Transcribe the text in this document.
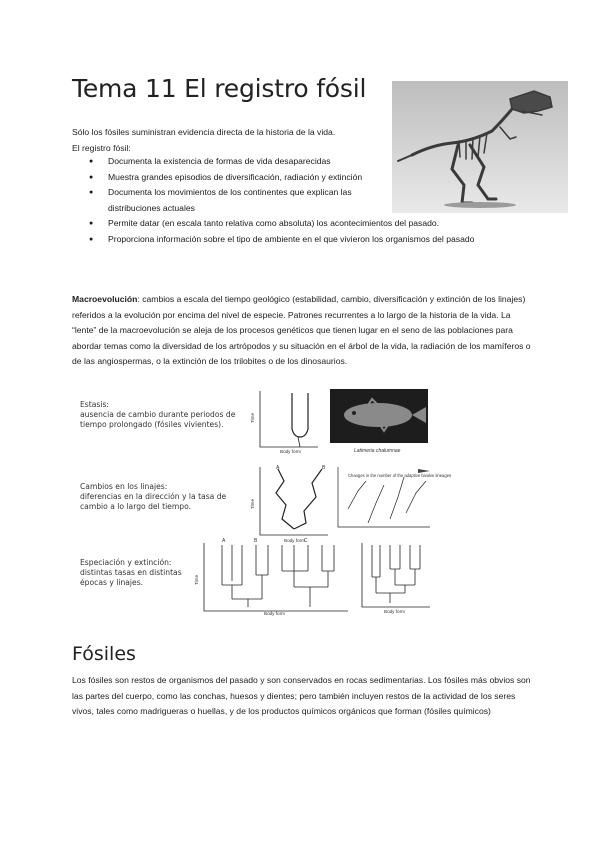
Tema 11 El registro fósil

Sólo los fósiles suministran evidencia directa de la historia de la vida.
El registro fósil:

● Documenta la existencia de formas de vida desaparecidas
● Muestra grandes episodios de diversificación, radiación y extinción
● Documenta los movimientos de los continentes que explican las distribuciones actuales
● Permite datar (en escala tanto relativa como absoluta) los acontecimientos del pasado.
● Proporciona información sobre el tipo de ambiente en el que vivieron los organismos del pasado

Macroevolución: cambios a escala del tiempo geológico (estabilidad, cambio, diversificación y extinción de los linajes) referidos a la evolución por encima del nivel de especie. Patrones recurrentes a lo largo de la historia de la vida. La “lente” de la macroevolución se aleja de los procesos genéticos que tienen lugar en el seno de las poblaciones para abordar temas como la diversidad de los artrópodos y su situación en el árbol de la vida, la radiación de los mamíferos o de las angiospermas, o la extinción de los trilobites o de los dinosaurios.

Estasis:
ausencia de cambio durante periodos de
tiempo prolongado (fósiles vivientes).
Cambios en los linajes:
diferencias en la dirección y la tasa de
cambio a lo largo del tiempo.
Especiación y extinción:
distintas tasas en distintas
épocas y linajes.
Time
Body form	Latimeria chalumnae
A	B
Time
Body form
Changes in the number of the adaptive bivalve lineages
A	B	C
Time
Body form	Body form
Fósiles

Los fósiles son restos de organismos del pasado y son conservados en rocas sedimentarias. Los fósiles más obvios son las partes del cuerpo, como las conchas, huesos y dientes; pero también incluyen restos de la actividad de los seres vivos, tales como madrigueras o huellas, y de los productos químicos orgánicos que forman (fósiles químicos)
